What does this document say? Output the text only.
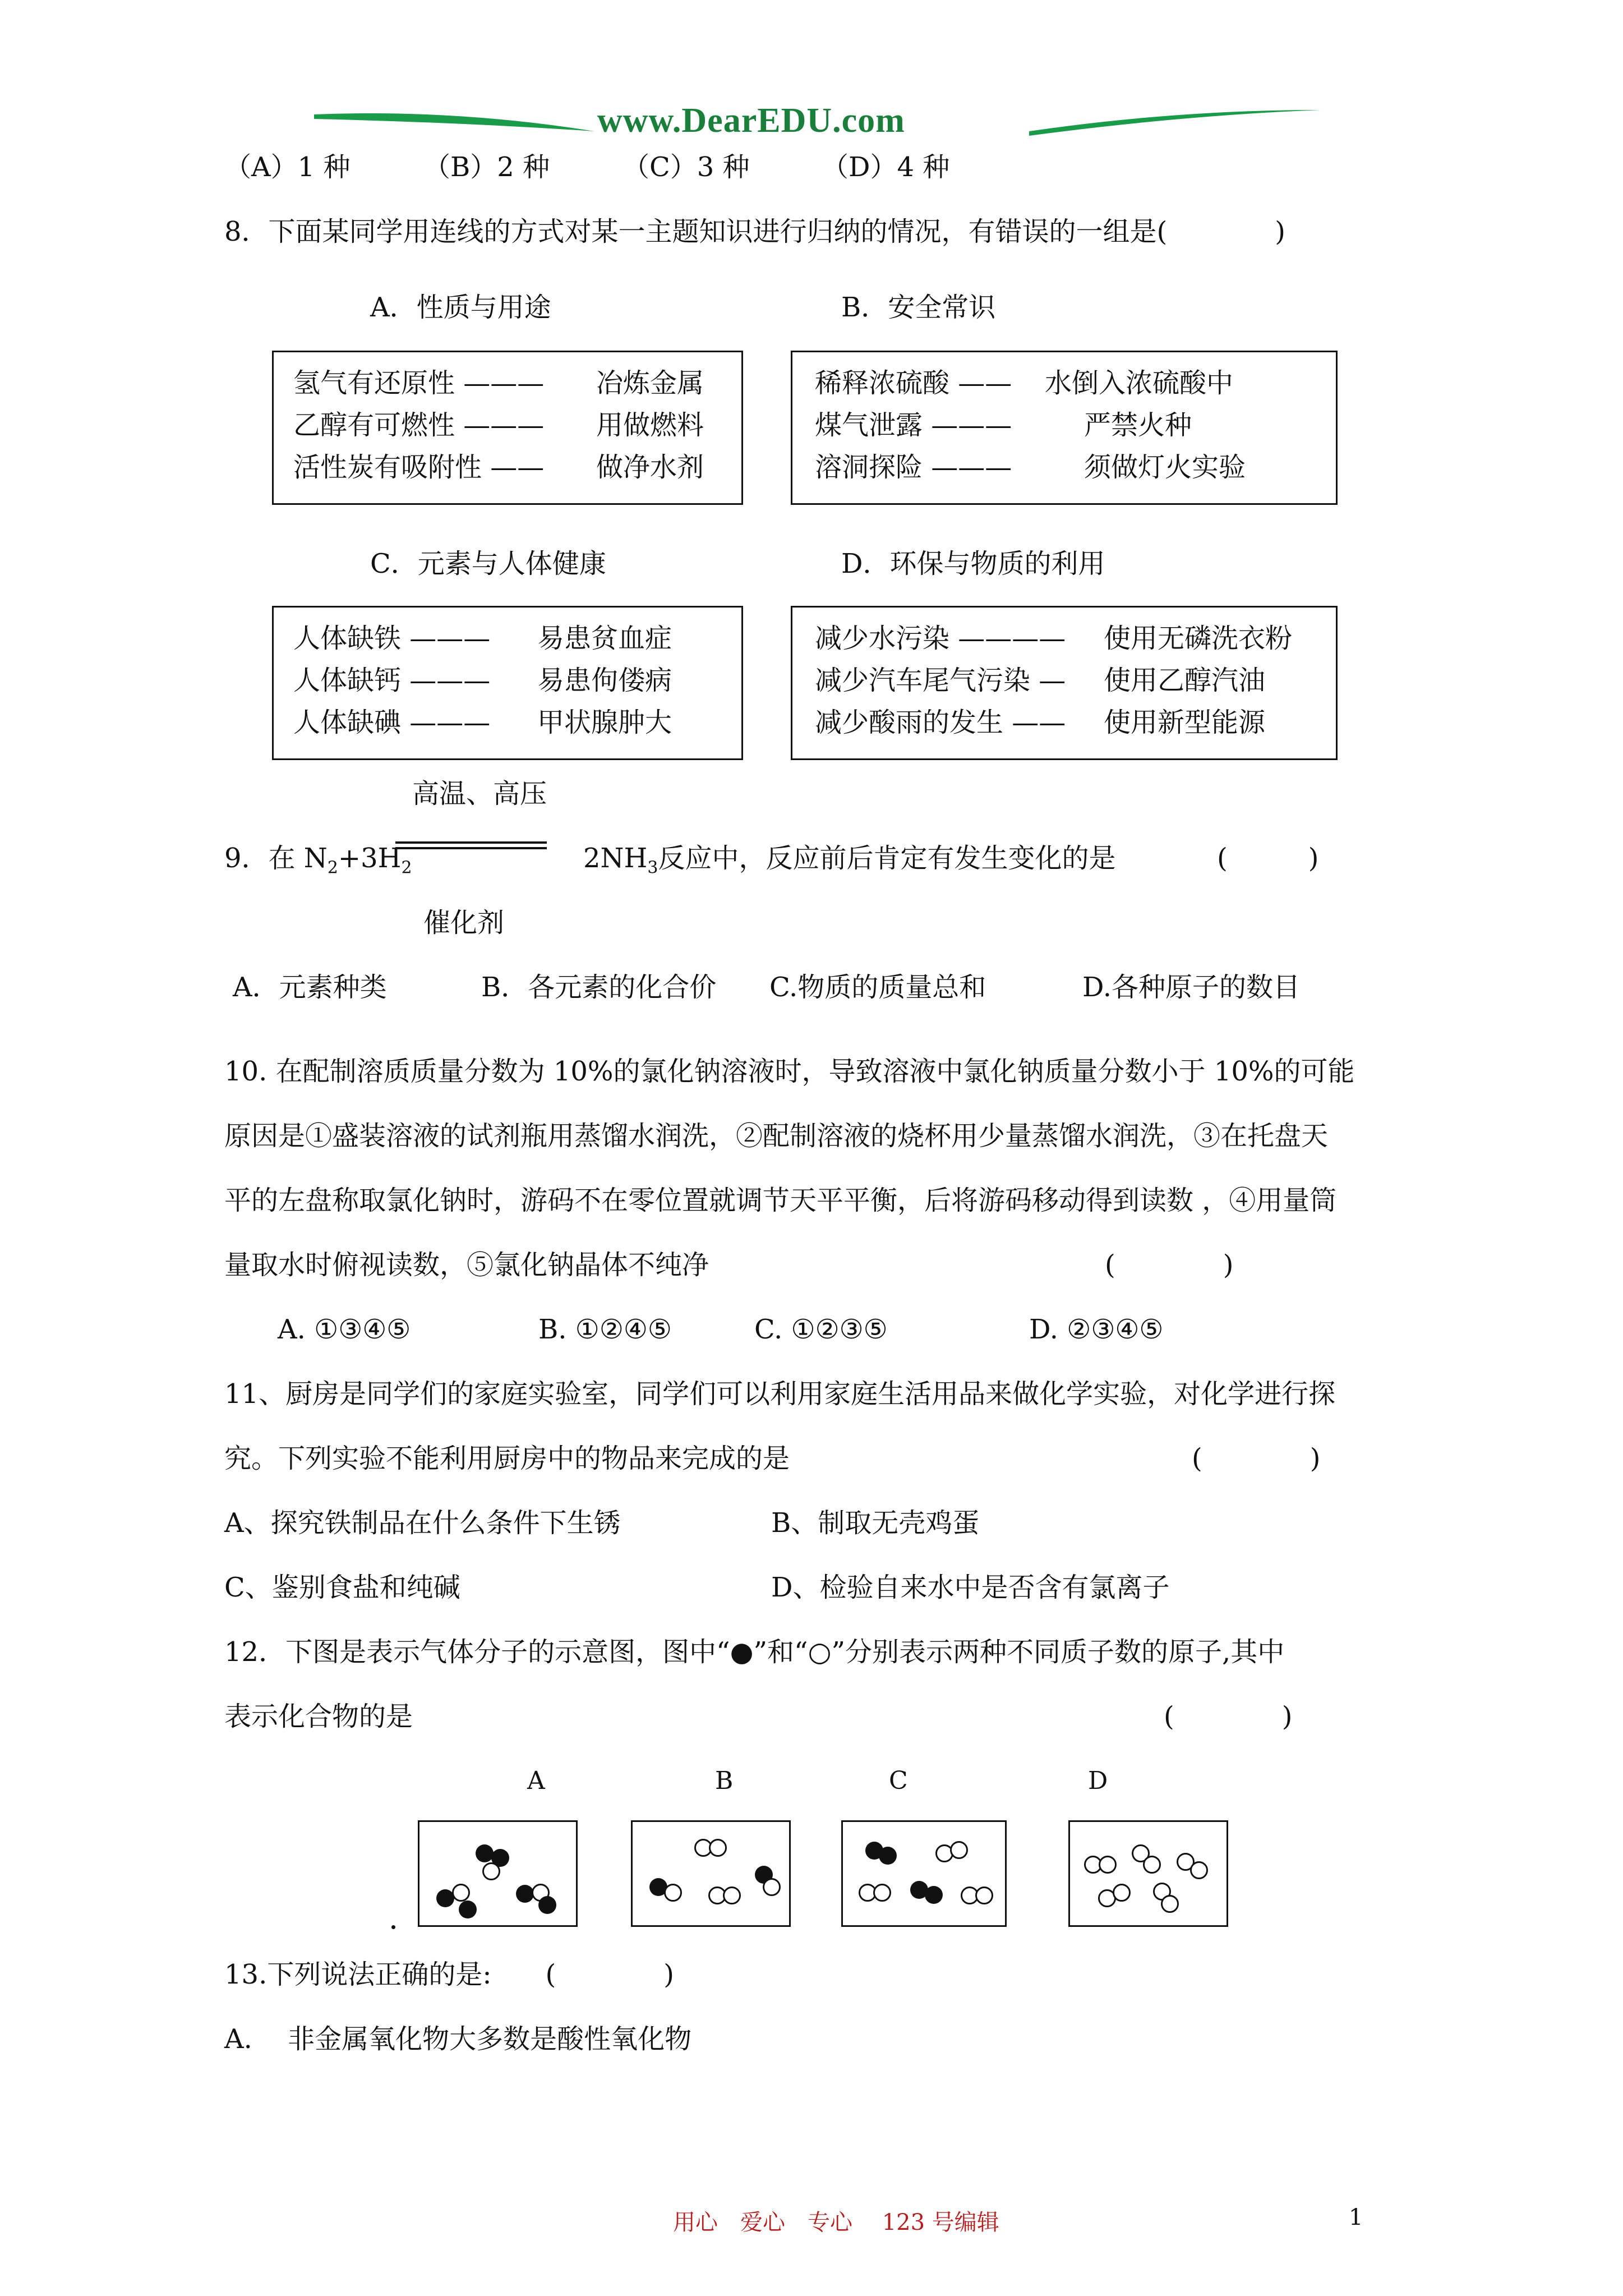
www.DearEDU.com
（A）1 种	（B）2 种	（C）3 种	（D）4 种
8．下面某同学用连线的方式对某一主题知识进行归纳的情况，有错误的一组是(　　　　)
A．性质与用途	B．安全常识
氢气有还原性 ——— 冶炼金属
乙醇有可燃性 ——— 用做燃料
活性炭有吸附性 —— 做净水剂
稀释浓硫酸 —— 水倒入浓硫酸中
煤气泄露 ———	严禁火种
溶洞探险 ———	须做灯火实验
C．元素与人体健康	D．环保与物质的利用
人体缺铁 ——— 易患贫血症
人体缺钙 ——— 易患佝偻病
人体缺碘 ——— 甲状腺肿大
减少水污染 ———— 使用无磷洗衣粉
减少汽车尾气污染 — 使用乙醇汽油
减少酸雨的发生 —— 使用新型能源
高温、高压
9．在 $N_2+3H_2$	$2NH_3$反应中，反应前后肯定有发生变化的是	(　　　)
催化剂
A．元素种类	B．各元素的化合价 C.物质的质量总和	D.各种原子的数目
10. 在配制溶质质量分数为 10%的氯化钠溶液时，导致溶液中氯化钠质量分数小于 10%的可能
原因是①盛装溶液的试剂瓶用蒸馏水润洗，②配制溶液的烧杯用少量蒸馏水润洗，③在托盘天
平的左盘称取氯化钠时，游码不在零位置就调节天平平衡，后将游码移动得到读数 ，④用量筒
量取水时俯视读数，⑤氯化钠晶体不纯净	(　　　　)
A. ①③④⑤	B. ①②④⑤	C. ①②③⑤	D. ②③④⑤
11、厨房是同学们的家庭实验室，同学们可以利用家庭生活用品来做化学实验，对化学进行探
究。下列实验不能利用厨房中的物品来完成的是	(　　　　)
A、探究铁制品在什么条件下生锈	B、制取无壳鸡蛋
C、鉴别食盐和纯碱	D、检验自来水中是否含有氯离子
12．下图是表示气体分子的示意图，图中“●”和“○”分别表示两种不同质子数的原子,其中
表示化合物的是	(　　　　)
A	B	C	D
13.下列说法正确的是:　　(　　　　)
A.　 非金属氧化物大多数是酸性氧化物
用心　爱心　专心　 123 号编辑	1
